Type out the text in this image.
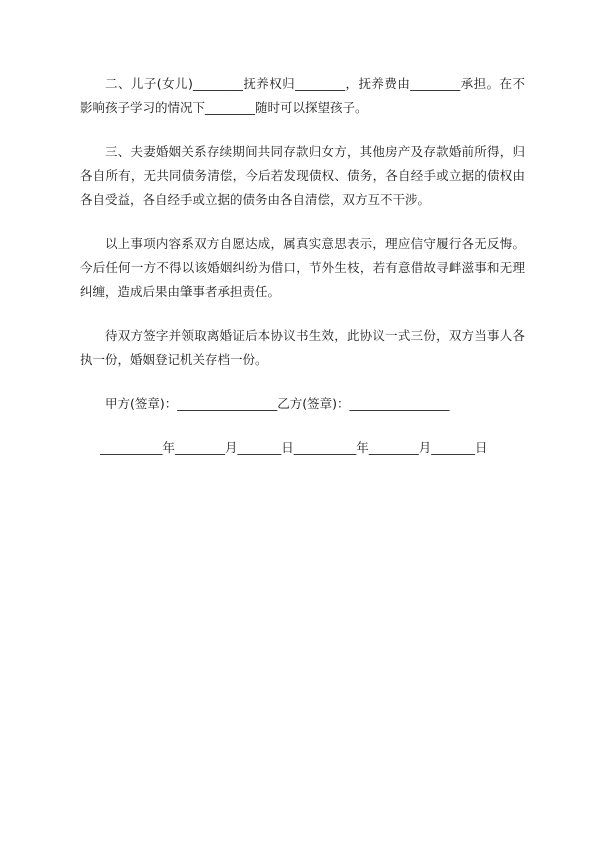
二、儿子(女儿)________抚养权归________，抚养费由________承担。在不影响孩子学习的情况下________随时可以探望孩子。

三、夫妻婚姻关系存续期间共同存款归女方，其他房产及存款婚前所得，归各自所有，无共同债务清偿，今后若发现债权、债务，各自经手或立据的债权由各自受益，各自经手或立据的债务由各自清偿，双方互不干涉。

以上事项内容系双方自愿达成，属真实意思表示，理应信守履行各无反悔。今后任何一方不得以该婚姻纠纷为借口，节外生枝，若有意借故寻衅滋事和无理纠缠，造成后果由肇事者承担责任。

待双方签字并领取离婚证后本协议书生效，此协议一式三份，双方当事人各执一份，婚姻登记机关存档一份。

甲方(签章)：________________乙方(签章)：________________

__________年________月_______日__________年________月_______日
